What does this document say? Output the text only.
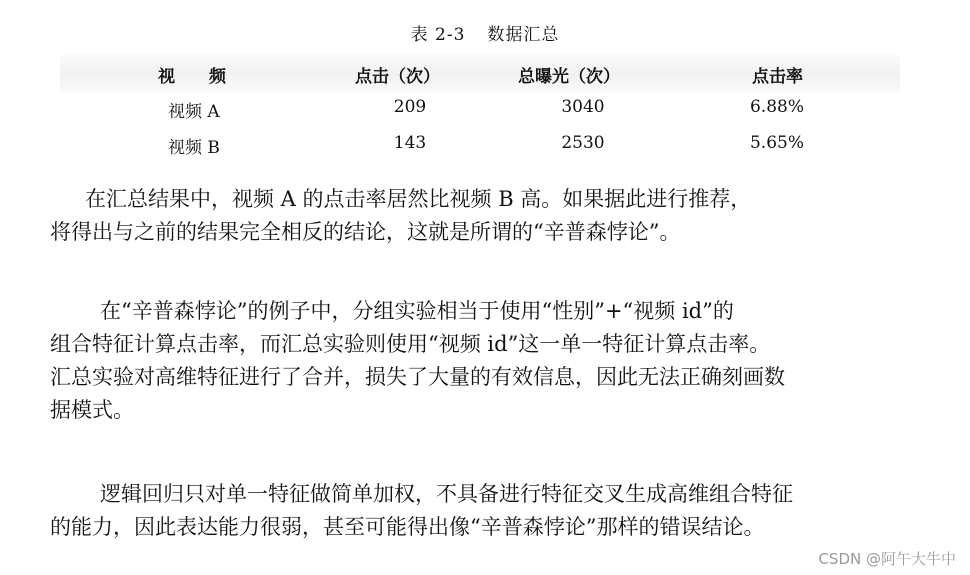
表 2-3 数据汇总
视频	点击（次）	总曝光（次）	点击率
视频 A	209	3040	6.88%
视频 B	143	2530	5.65%
在汇总结果中，视频 A 的点击率居然比视频 B 高。如果据此进行推荐，
将得出与之前的结果完全相反的结论，这就是所谓的“辛普森悖论”。
在“辛普森悖论”的例子中，分组实验相当于使用“性别”+“视频 id”的
组合特征计算点击率，而汇总实验则使用“视频 id”这一单一特征计算点击率。
汇总实验对高维特征进行了合并，损失了大量的有效信息，因此无法正确刻画数
据模式。
逻辑回归只对单一特征做简单加权，不具备进行特征交叉生成高维组合特征
的能力，因此表达能力很弱，甚至可能得出像“辛普森悖论”那样的错误结论。
CSDN @阿午大牛中
